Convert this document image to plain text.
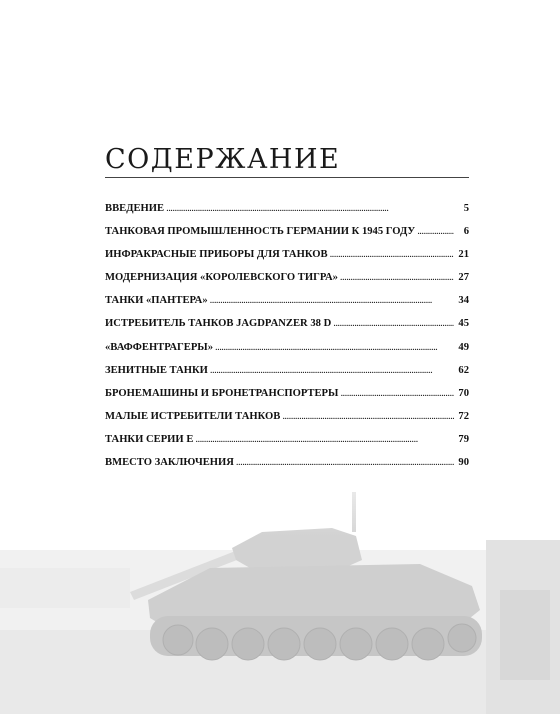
СОДЕРЖАНИЕ
ВВЕДЕНИЕ . . .	5
ТАНКОВАЯ ПРОМЫШЛЕННОСТЬ ГЕРМАНИИ К 1945 ГОДУ . . .	6
ИНФРАКРАСНЫЕ ПРИБОРЫ ДЛЯ ТАНКОВ . . .	21
МОДЕРНИЗАЦИЯ «КОРОЛЕВСКОГО ТИГРА» . . .	27
ТАНКИ «ПАНТЕРА» . . .	34
ИСТРЕБИТЕЛЬ ТАНКОВ JAGDPANZER 38 D . . .	45
«ВАФФЕНТРАГЕРЫ» . . .	49
ЗЕНИТНЫЕ ТАНКИ . . .	62
БРОНЕМАШИНЫ И БРОНЕТРАНСПОРТЕРЫ . . .	70
МАЛЫЕ ИСТРЕБИТЕЛИ ТАНКОВ . . .	72
ТАНКИ СЕРИИ Е . . .	79
ВМЕСТО ЗАКЛЮЧЕНИЯ . . .	90
